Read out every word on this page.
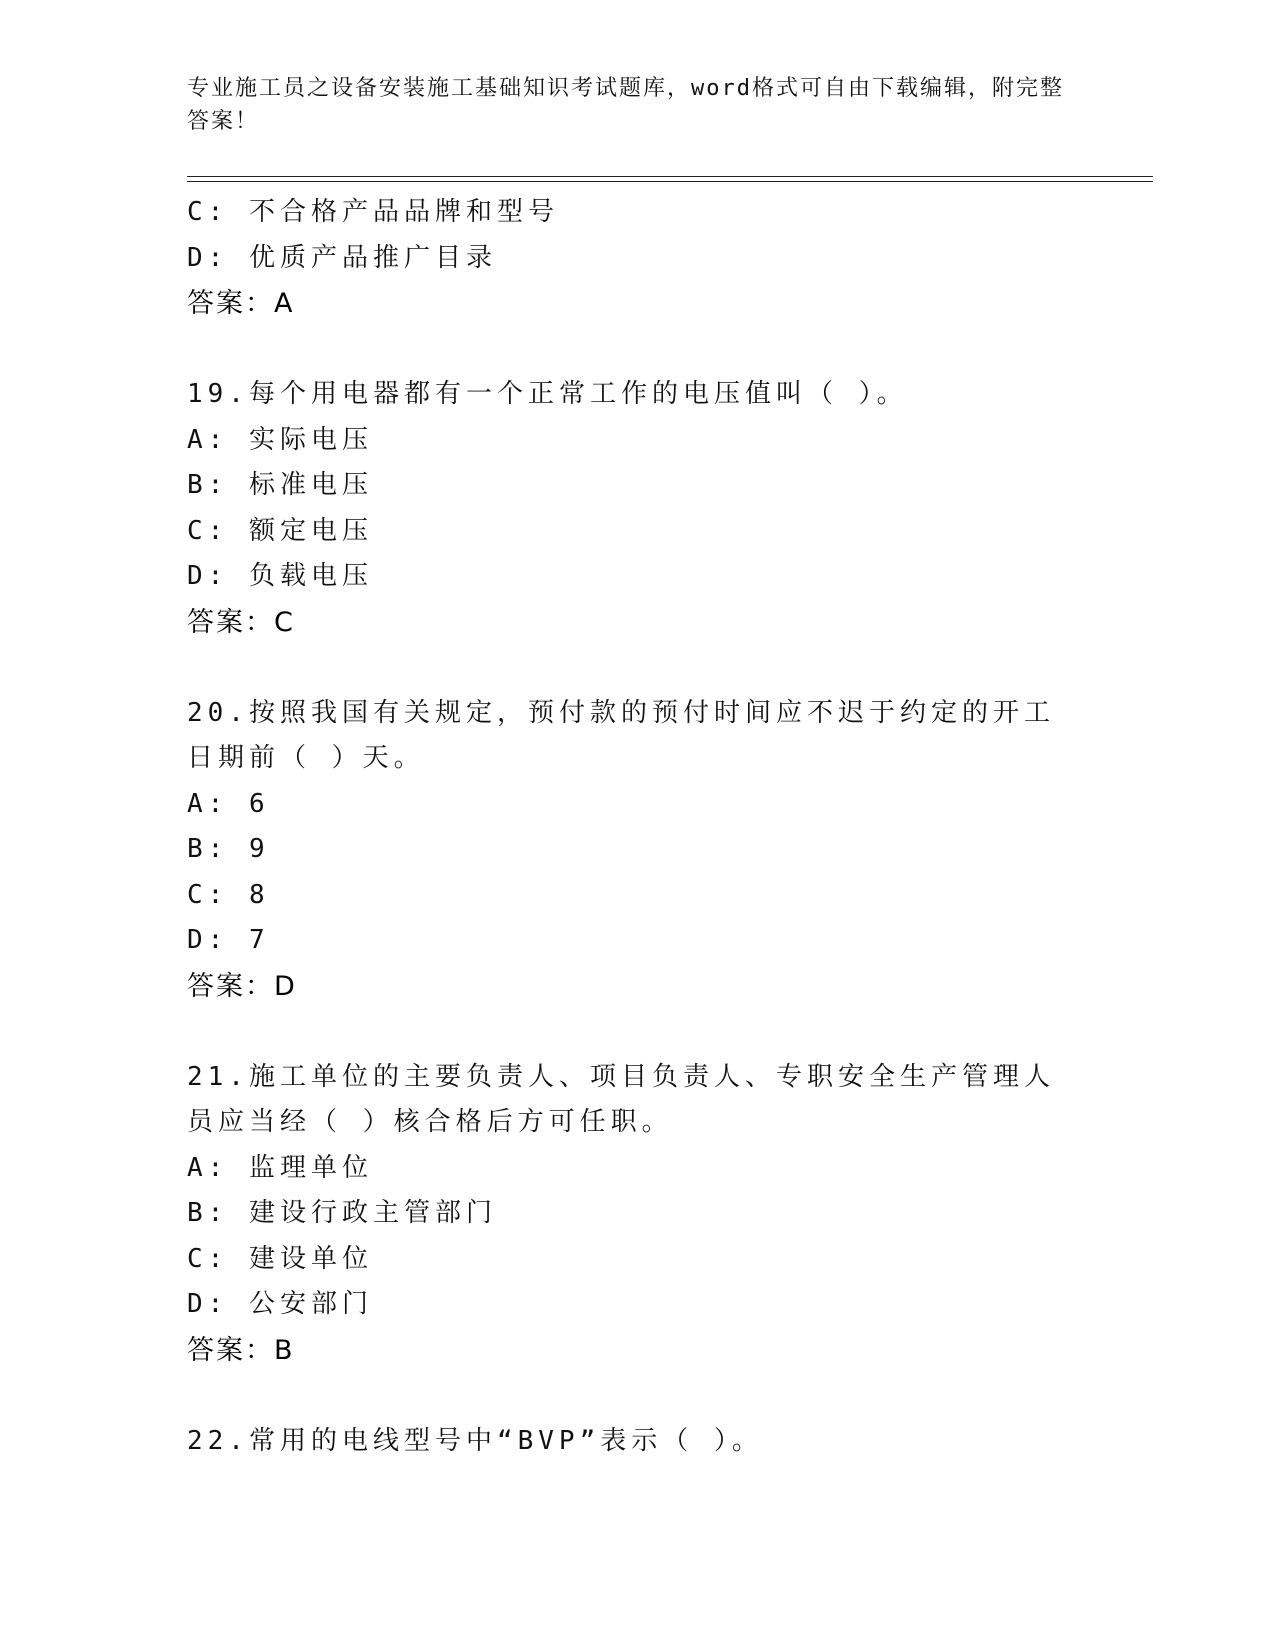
专业施工员之设备安装施工基础知识考试题库，word格式可自由下载编辑，附完整答案！
C: 不合格产品品牌和型号
D: 优质产品推广目录
答案：A
19.每个用电器都有一个正常工作的电压值叫（ ）。
A: 实际电压
B: 标准电压
C: 额定电压
D: 负载电压
答案：C
20.按照我国有关规定，预付款的预付时间应不迟于约定的开工日期前（ ）天。
A: 6
B: 9
C: 8
D: 7
答案：D
21.施工单位的主要负责人、项目负责人、专职安全生产管理人员应当经（ ）核合格后方可任职。
A: 监理单位
B: 建设行政主管部门
C: 建设单位
D: 公安部门
答案：B
22.常用的电线型号中“BVP”表示（ ）。
